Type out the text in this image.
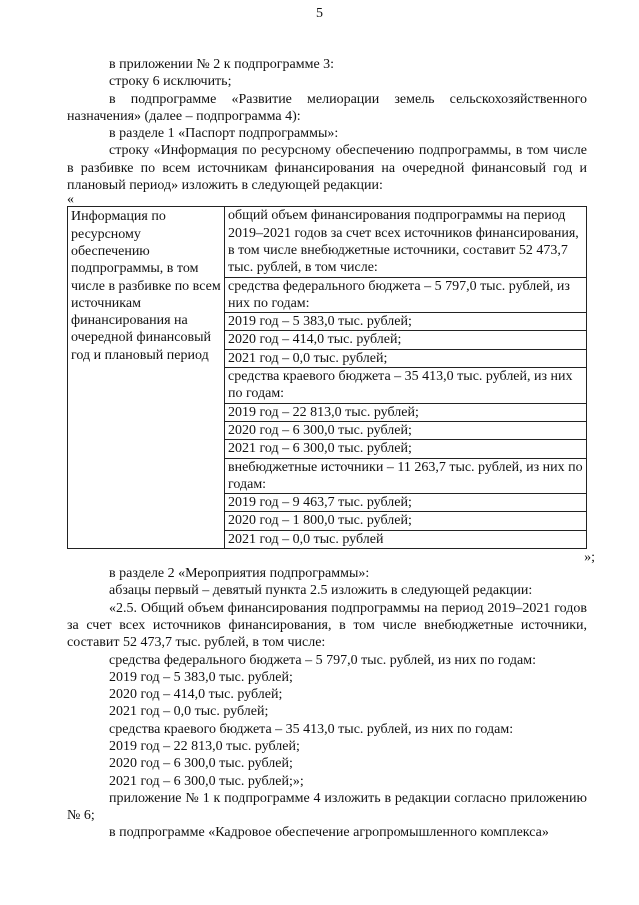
5

в приложении № 2 к подпрограмме 3:

строку 6 исключить;

в подпрограмме «Развитие мелиорации земель сельскохозяйственного назначения» (далее – подпрограмма 4):

в разделе 1 «Паспорт подпрограммы»:

строку «Информация по ресурсному обеспечению подпрограммы, в том числе в разбивке по всем источникам финансирования на очередной финансовый год и плановый период» изложить в следующей редакции:

«

Информация по ресурсному обеспечению подпрограммы, в том числе в разбивке по всем источникам финансирования на очередной финансовый год и плановый период	
общий объем финансирования подпрограммы на период 2019–2021 годов за счет всех источников финансирования, в том числе внебюджетные источники, составит 52 473,7 тыс. рублей, в том числе:
средства федерального бюджета – 5 797,0 тыс. рублей, из них по годам:
2019 год – 5 383,0 тыс. рублей;
2020 год – 414,0 тыс. рублей;
2021 год – 0,0 тыс. рублей;
средства краевого бюджета – 35 413,0 тыс. рублей, из них по годам:
2019 год – 22 813,0 тыс. рублей;
2020 год – 6 300,0 тыс. рублей;
2021 год – 6 300,0 тыс. рублей;
внебюджетные источники – 11 263,7 тыс. рублей, из них по годам:
2019 год – 9 463,7 тыс. рублей;
2020 год – 1 800,0 тыс. рублей;
2021 год – 0,0 тыс. рублей
»;

в разделе 2 «Мероприятия подпрограммы»:

абзацы первый – девятый пункта 2.5 изложить в следующей редакции:

«2.5. Общий объем финансирования подпрограммы на период 2019–2021 годов за счет всех источников финансирования, в том числе внебюджетные источники, составит 52 473,7 тыс. рублей, в том числе:

средства федерального бюджета – 5 797,0 тыс. рублей, из них по годам:

2019 год – 5 383,0 тыс. рублей;

2020 год – 414,0 тыс. рублей;

2021 год – 0,0 тыс. рублей;

средства краевого бюджета – 35 413,0 тыс. рублей, из них по годам:

2019 год – 22 813,0 тыс. рублей;

2020 год – 6 300,0 тыс. рублей;

2021 год – 6 300,0 тыс. рублей;»;

приложение № 1 к подпрограмме 4 изложить в редакции согласно приложению № 6;

в подпрограмме «Кадровое обеспечение агропромышленного комплекса»
